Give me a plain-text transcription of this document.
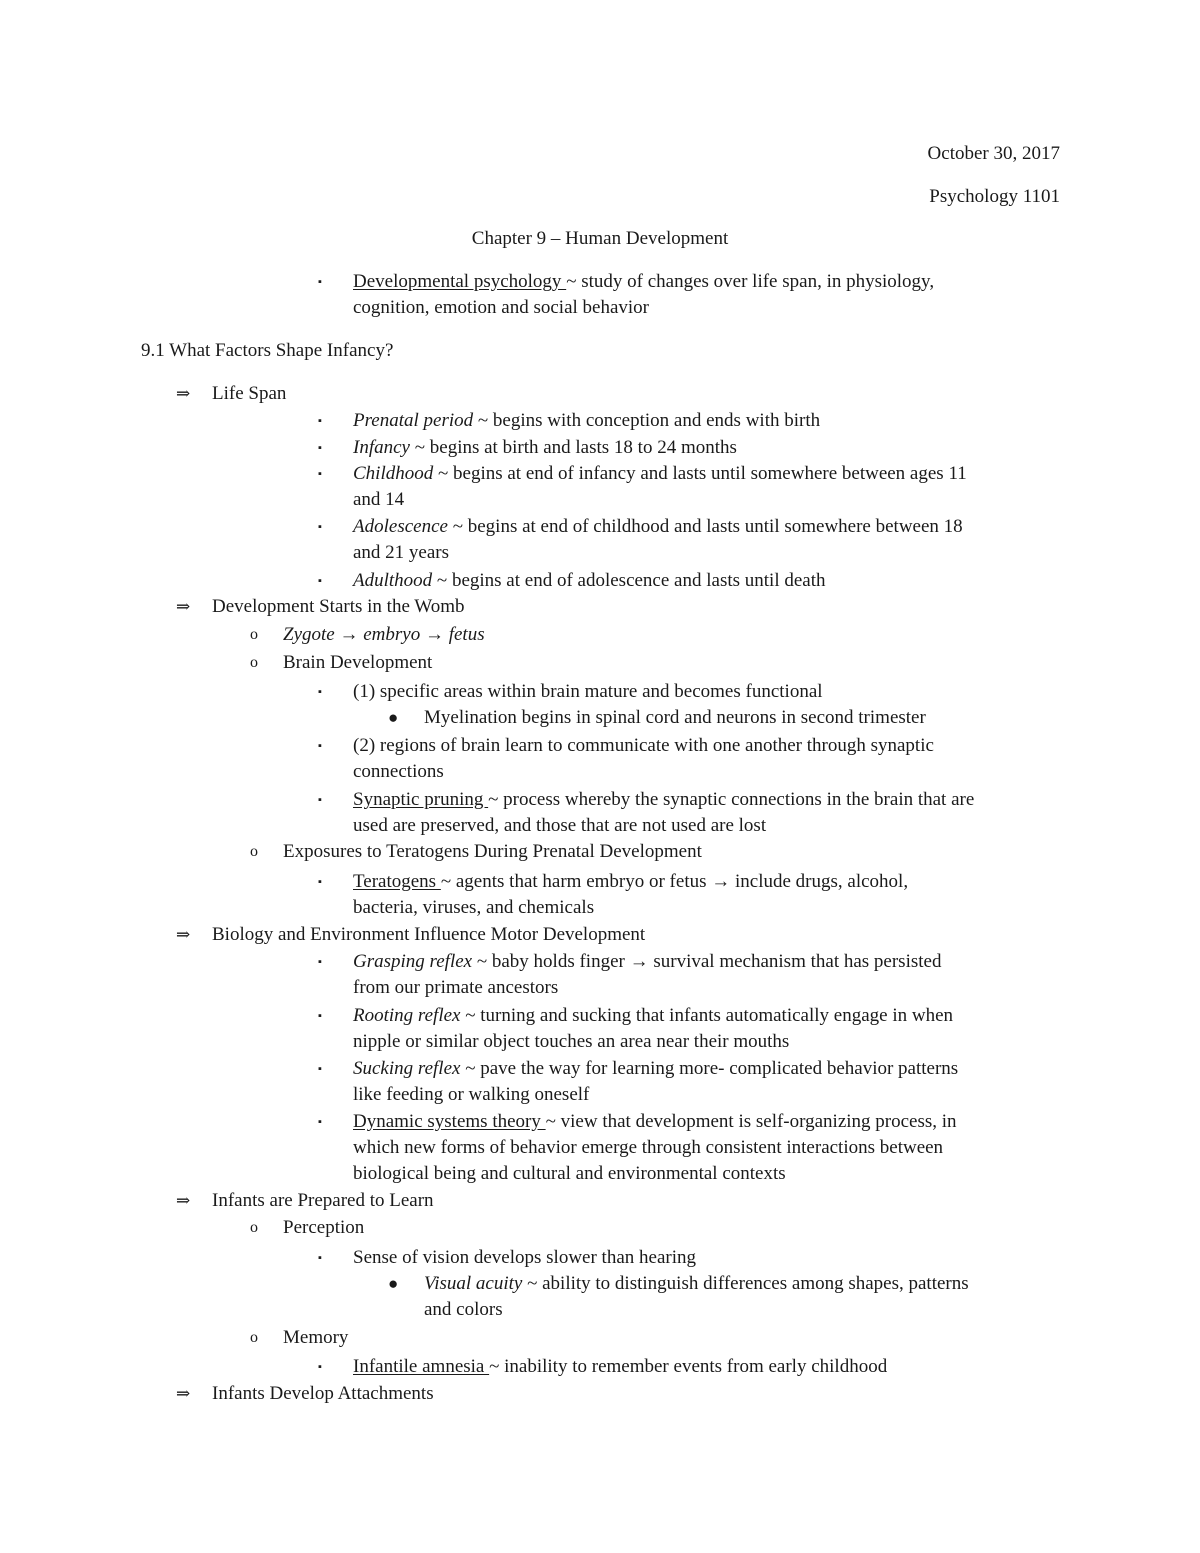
October 30, 2017
Psychology 1101
Chapter 9 – Human Development
▪ Developmental psychology ~ study of changes over life span, in physiology,
cognition, emotion and social behavior
9.1 What Factors Shape Infancy?
⇒ Life Span
▪ Prenatal period ~ begins with conception and ends with birth
▪ Infancy ~ begins at birth and lasts 18 to 24 months
▪ Childhood ~ begins at end of infancy and lasts until somewhere between ages 11
and 14
▪ Adolescence ~ begins at end of childhood and lasts until somewhere between 18
and 21 years
▪ Adulthood ~ begins at end of adolescence and lasts until death
⇒ Development Starts in the Womb
o Zygote → embryo → fetus
o Brain Development
▪ (1) specific areas within brain mature and becomes functional
● Myelination begins in spinal cord and neurons in second trimester
▪ (2) regions of brain learn to communicate with one another through synaptic
connections
▪ Synaptic pruning ~ process whereby the synaptic connections in the brain that are
used are preserved, and those that are not used are lost
o Exposures to Teratogens During Prenatal Development
▪ Teratogens ~ agents that harm embryo or fetus → include drugs, alcohol,
bacteria, viruses, and chemicals
⇒ Biology and Environment Influence Motor Development
▪ Grasping reflex ~ baby holds finger → survival mechanism that has persisted
from our primate ancestors
▪ Rooting reflex ~ turning and sucking that infants automatically engage in when
nipple or similar object touches an area near their mouths
▪ Sucking reflex ~ pave the way for learning more- complicated behavior patterns
like feeding or walking oneself
▪ Dynamic systems theory ~ view that development is self-organizing process, in
which new forms of behavior emerge through consistent interactions between
biological being and cultural and environmental contexts
⇒ Infants are Prepared to Learn
o Perception
▪ Sense of vision develops slower than hearing
● Visual acuity ~ ability to distinguish differences among shapes, patterns
and colors
o Memory
▪ Infantile amnesia ~ inability to remember events from early childhood
⇒ Infants Develop Attachments
